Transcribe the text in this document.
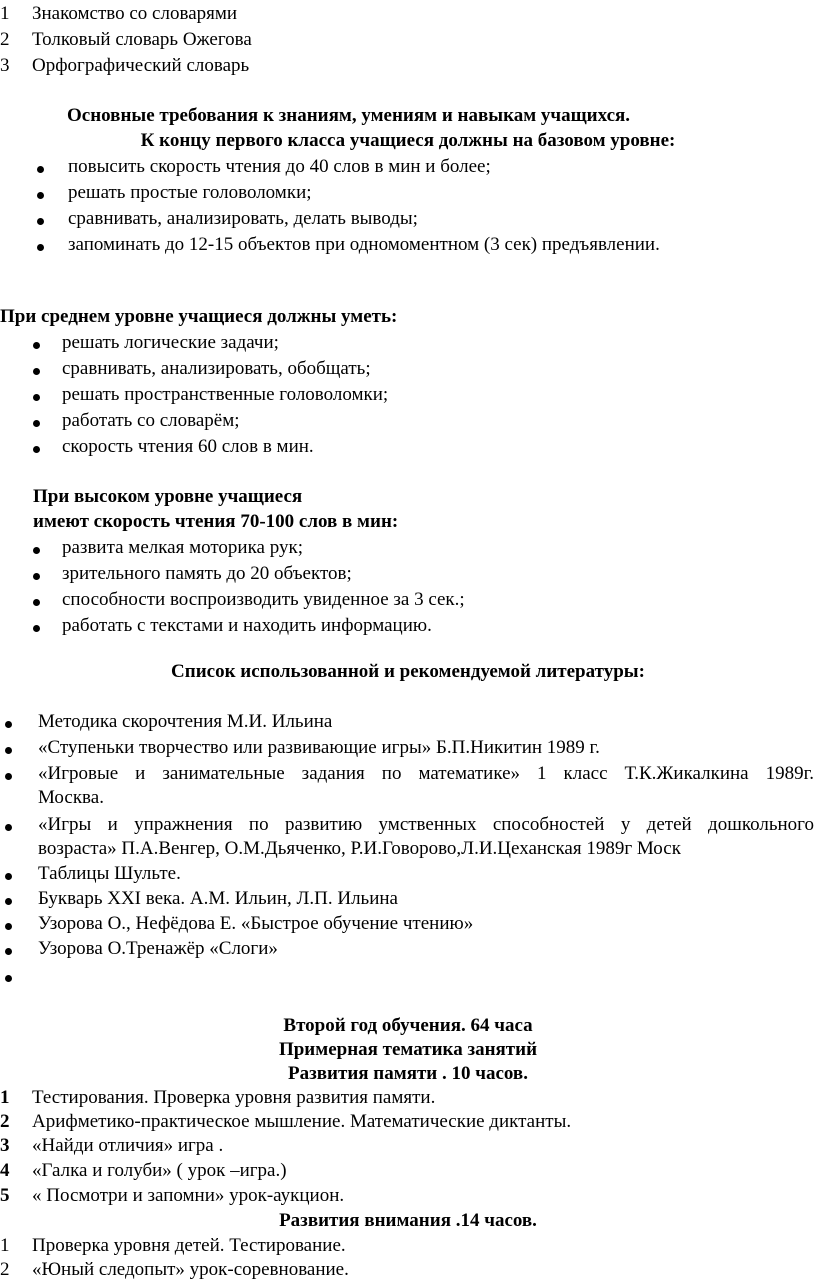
1 Знакомство со словарями
2 Толковый словарь Ожегова
3 Орфографический словарь
Основные требования к знаниям, умениям и навыкам учащихся.
К концу первого класса учащиеся должны на базовом уровне:
повысить скорость чтения до 40 слов в мин и более;
решать простые головоломки;
сравнивать, анализировать, делать выводы;
запоминать до 12-15 объектов при одномоментном (3 сек) предъявлении.
При среднем уровне учащиеся должны уметь:
решать логические задачи;
сравнивать, анализировать, обобщать;
решать пространственные головоломки;
работать со словарём;
скорость чтения 60 слов в мин.
При высоком уровне учащиеся
имеют скорость чтения 70-100 слов в мин:
развита мелкая моторика рук;
зрительного память до 20 объектов;
способности воспроизводить увиденное за 3 сек.;
работать с текстами и находить информацию.
Список использованной и рекомендуемой литературы:
Методика скорочтения М.И. Ильина
«Ступеньки творчество или развивающие игры» Б.П.Никитин 1989 г.
«Игровые и занимательные задания по математике» 1 класс Т.К.Жикалкина 1989г.
Москва.
«Игры и упражнения по развитию умственных способностей у детей дошкольного
возраста» П.А.Венгер, О.М.Дьяченко, Р.И.Говорово,Л.И.Цеханская 1989г Моск
Таблицы Шульте.
Букварь XXI века. А.М. Ильин, Л.П. Ильина
Узорова О., Нефёдова Е. «Быстрое обучение чтению»
Узорова О.Тренажёр «Слоги»
Второй год обучения. 64 часа
Примерная тематика занятий
Развития памяти . 10 часов.
1 Тестирования. Проверка уровня развития памяти.
2 Арифметико-практическое мышление. Математические диктанты.
3 «Найди отличия» игра .
4 «Галка и голуби» ( урок –игра.)
5 « Посмотри и запомни» урок-аукцион.
Развития внимания .14 часов.
1 Проверка уровня детей. Тестирование.
2 «Юный следопыт» урок-соревнование.
